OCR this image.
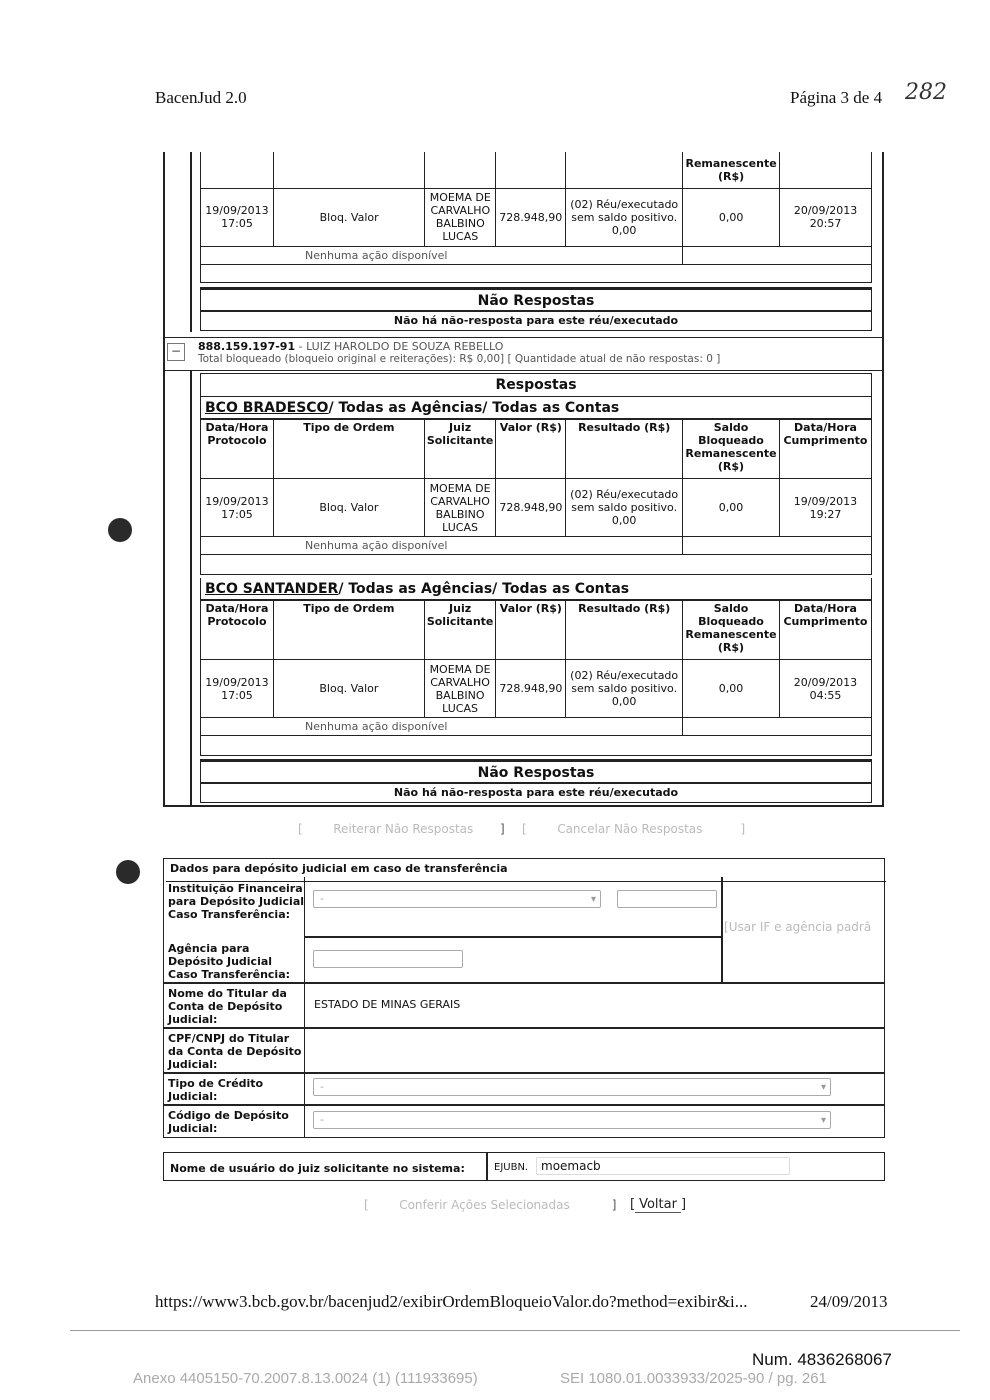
BacenJud 2.0	Página 3 de 4 282
					Remanescente (R$)	
19/09/2013 17:05	Bloq. Valor	MOEMA DE CARVALHO BALBINO LUCAS	728.948,90	(02) Réu/executado sem saldo positivo. 0,00	0,00	20/09/2013 20:57
Nenhuma ação disponível						

Não Respostas
Não há não-resposta para este réu/executado
−	888.159.197-91 - LUIZ HAROLDO DE SOUZA REBELLO
Total bloqueado (bloqueio original e reiterações): R$ 0,00] [ Quantidade atual de não respostas: 0 ]
Respostas
BCO BRADESCO/ Todas as Agências/ Todas as Contas
Data/Hora Protocolo	Tipo de Ordem	Juiz Solicitante	Valor (R$)	Resultado (R$)	Saldo Bloqueado Remanescente (R$)	Data/Hora Cumprimento
19/09/2013 17:05	Bloq. Valor	MOEMA DE CARVALHO BALBINO LUCAS	728.948,90	(02) Réu/executado sem saldo positivo. 0,00	0,00	19/09/2013 19:27
Nenhuma ação disponível						

BCO SANTANDER/ Todas as Agências/ Todas as Contas
Data/Hora Protocolo	Tipo de Ordem	Juiz Solicitante	Valor (R$)	Resultado (R$)	Saldo Bloqueado Remanescente (R$)	Data/Hora Cumprimento
19/09/2013 17:05	Bloq. Valor	MOEMA DE CARVALHO BALBINO LUCAS	728.948,90	(02) Réu/executado sem saldo positivo. 0,00	0,00	20/09/2013 04:55
Nenhuma ação disponível						

Não Respostas
Não há não-resposta para este réu/executado
[        Reiterar Não Respostas ] [        Cancelar Não Respostas          ]
Dados para depósito judicial em caso de transferência
Instituição Financeira para Depósito Judicial Caso Transferência:
- ▾
[Usar IF e agência padrã
Agência para Depósito Judicial Caso Transferência:
Nome do Titular da Conta de Depósito Judicial:
ESTADO DE MINAS GERAIS
CPF/CNPJ do Titular da Conta de Depósito Judicial:
Tipo de Crédito Judicial:
- ▾
Código de Depósito Judicial:
- ▾
Nome de usuário do juiz solicitante no sistema:	EJUBN.	moemacb
[        Conferir Ações Selecionadas	] [ Voltar ]
https://www3.bcb.gov.br/bacenjud2/exibirOrdemBloqueioValor.do?method=exibir&i...	24/09/2013
Num. 4836268067
Anexo 4405150-70.2007.8.13.0024 (1) (111933695)	SEI 1080.01.0033933/2025-90 / pg. 261
